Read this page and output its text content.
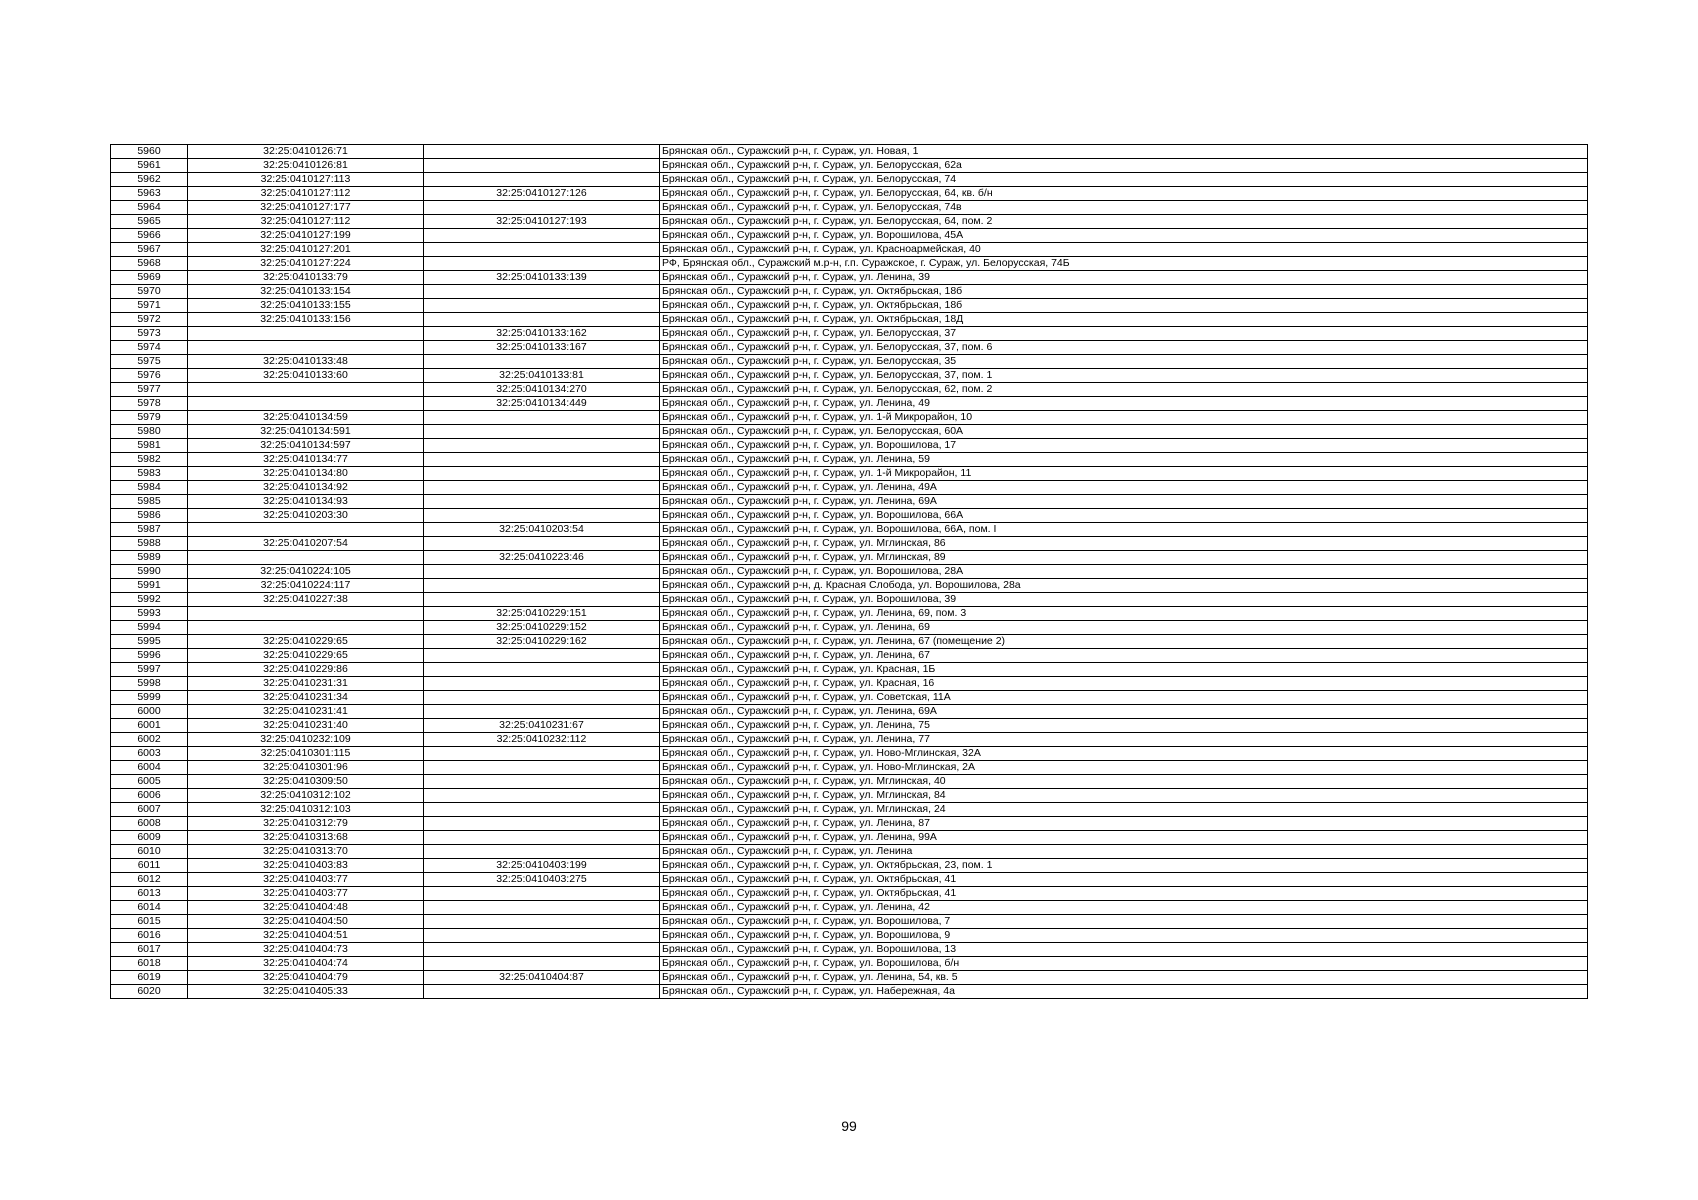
5960	32:25:0410126:71		Брянская обл., Суражский р-н, г. Сураж, ул. Новая, 1
5961	32:25:0410126:81		Брянская обл., Суражский р-н, г. Сураж, ул. Белорусская, 62а
5962	32:25:0410127:113		Брянская обл., Суражский р-н, г. Сураж, ул. Белорусская, 74
5963	32:25:0410127:112	32:25:0410127:126	Брянская обл., Суражский р-н, г. Сураж, ул. Белорусская, 64, кв. б/н
5964	32:25:0410127:177		Брянская обл., Суражский р-н, г. Сураж, ул. Белорусская, 74в
5965	32:25:0410127:112	32:25:0410127:193	Брянская обл., Суражский р-н, г. Сураж, ул. Белорусская, 64, пом. 2
5966	32:25:0410127:199		Брянская обл., Суражский р-н, г. Сураж, ул. Ворошилова, 45А
5967	32:25:0410127:201		Брянская обл., Суражский р-н, г. Сураж, ул. Красноармейская, 40
5968	32:25:0410127:224		РФ, Брянская обл., Суражский м.р-н, г.п. Суражское, г. Сураж, ул. Белорусская, 74Б
5969	32:25:0410133:79	32:25:0410133:139	Брянская обл., Суражский р-н, г. Сураж, ул. Ленина, 39
5970	32:25:0410133:154		Брянская обл., Суражский р-н, г. Сураж, ул. Октябрьская, 18б
5971	32:25:0410133:155		Брянская обл., Суражский р-н, г. Сураж, ул. Октябрьская, 18б
5972	32:25:0410133:156		Брянская обл., Суражский р-н, г. Сураж, ул. Октябрьская, 18Д
5973		32:25:0410133:162	Брянская обл., Суражский р-н, г. Сураж, ул. Белорусская, 37
5974		32:25:0410133:167	Брянская обл., Суражский р-н, г. Сураж, ул. Белорусская, 37, пом. 6
5975	32:25:0410133:48		Брянская обл., Суражский р-н, г. Сураж, ул. Белорусская, 35
5976	32:25:0410133:60	32:25:0410133:81	Брянская обл., Суражский р-н, г. Сураж, ул. Белорусская, 37, пом. 1
5977		32:25:0410134:270	Брянская обл., Суражский р-н, г. Сураж, ул. Белорусская, 62, пом. 2
5978		32:25:0410134:449	Брянская обл., Суражский р-н, г. Сураж, ул. Ленина, 49
5979	32:25:0410134:59		Брянская обл., Суражский р-н, г. Сураж, ул. 1-й Микрорайон, 10
5980	32:25:0410134:591		Брянская обл., Суражский р-н, г. Сураж, ул. Белорусская, 60А
5981	32:25:0410134:597		Брянская обл., Суражский р-н, г. Сураж, ул. Ворошилова, 17
5982	32:25:0410134:77		Брянская обл., Суражский р-н, г. Сураж, ул. Ленина, 59
5983	32:25:0410134:80		Брянская обл., Суражский р-н, г. Сураж, ул. 1-й Микрорайон, 11
5984	32:25:0410134:92		Брянская обл., Суражский р-н, г. Сураж, ул. Ленина, 49А
5985	32:25:0410134:93		Брянская обл., Суражский р-н, г. Сураж, ул. Ленина, 69А
5986	32:25:0410203:30		Брянская обл., Суражский р-н, г. Сураж, ул. Ворошилова, 66А
5987		32:25:0410203:54	Брянская обл., Суражский р-н, г. Сураж, ул. Ворошилова, 66А, пом. I
5988	32:25:0410207:54		Брянская обл., Суражский р-н, г. Сураж, ул. Мглинская, 86
5989		32:25:0410223:46	Брянская обл., Суражский р-н, г. Сураж, ул. Мглинская, 89
5990	32:25:0410224:105		Брянская обл., Суражский р-н, г. Сураж, ул. Ворошилова, 28А
5991	32:25:0410224:117		Брянская обл., Суражский р-н, д. Красная Слобода, ул. Ворошилова, 28а
5992	32:25:0410227:38		Брянская обл., Суражский р-н, г. Сураж, ул. Ворошилова, 39
5993		32:25:0410229:151	Брянская обл., Суражский р-н, г. Сураж, ул. Ленина, 69, пом. 3
5994		32:25:0410229:152	Брянская обл., Суражский р-н, г. Сураж, ул. Ленина, 69
5995	32:25:0410229:65	32:25:0410229:162	Брянская обл., Суражский р-н, г. Сураж, ул. Ленина, 67 (помещение 2)
5996	32:25:0410229:65		Брянская обл., Суражский р-н, г. Сураж, ул. Ленина, 67
5997	32:25:0410229:86		Брянская обл., Суражский р-н, г. Сураж, ул. Красная, 1Б
5998	32:25:0410231:31		Брянская обл., Суражский р-н, г. Сураж, ул. Красная, 16
5999	32:25:0410231:34		Брянская обл., Суражский р-н, г. Сураж, ул. Советская, 11А
6000	32:25:0410231:41		Брянская обл., Суражский р-н, г. Сураж, ул. Ленина, 69А
6001	32:25:0410231:40	32:25:0410231:67	Брянская обл., Суражский р-н, г. Сураж, ул. Ленина, 75
6002	32:25:0410232:109	32:25:0410232:112	Брянская обл., Суражский р-н, г. Сураж, ул. Ленина, 77
6003	32:25:0410301:115		Брянская обл., Суражский р-н, г. Сураж, ул. Ново-Мглинская, 32А
6004	32:25:0410301:96		Брянская обл., Суражский р-н, г. Сураж, ул. Ново-Мглинская, 2А
6005	32:25:0410309:50		Брянская обл., Суражский р-н, г. Сураж, ул. Мглинская, 40
6006	32:25:0410312:102		Брянская обл., Суражский р-н, г. Сураж, ул. Мглинская, 84
6007	32:25:0410312:103		Брянская обл., Суражский р-н, г. Сураж, ул. Мглинская, 24
6008	32:25:0410312:79		Брянская обл., Суражский р-н, г. Сураж, ул. Ленина, 87
6009	32:25:0410313:68		Брянская обл., Суражский р-н, г. Сураж, ул. Ленина, 99А
6010	32:25:0410313:70		Брянская обл., Суражский р-н, г. Сураж, ул. Ленина
6011	32:25:0410403:83	32:25:0410403:199	Брянская обл., Суражский р-н, г. Сураж, ул. Октябрьская, 23, пом. 1
6012	32:25:0410403:77	32:25:0410403:275	Брянская обл., Суражский р-н, г. Сураж, ул. Октябрьская, 41
6013	32:25:0410403:77		Брянская обл., Суражский р-н, г. Сураж, ул. Октябрьская, 41
6014	32:25:0410404:48		Брянская обл., Суражский р-н, г. Сураж, ул. Ленина, 42
6015	32:25:0410404:50		Брянская обл., Суражский р-н, г. Сураж, ул. Ворошилова, 7
6016	32:25:0410404:51		Брянская обл., Суражский р-н, г. Сураж, ул. Ворошилова, 9
6017	32:25:0410404:73		Брянская обл., Суражский р-н, г. Сураж, ул. Ворошилова, 13
6018	32:25:0410404:74		Брянская обл., Суражский р-н, г. Сураж, ул. Ворошилова, б/н
6019	32:25:0410404:79	32:25:0410404:87	Брянская обл., Суражский р-н, г. Сураж, ул. Ленина, 54, кв. 5
6020	32:25:0410405:33		Брянская обл., Суражский р-н, г. Сураж, ул. Набережная, 4а
99
